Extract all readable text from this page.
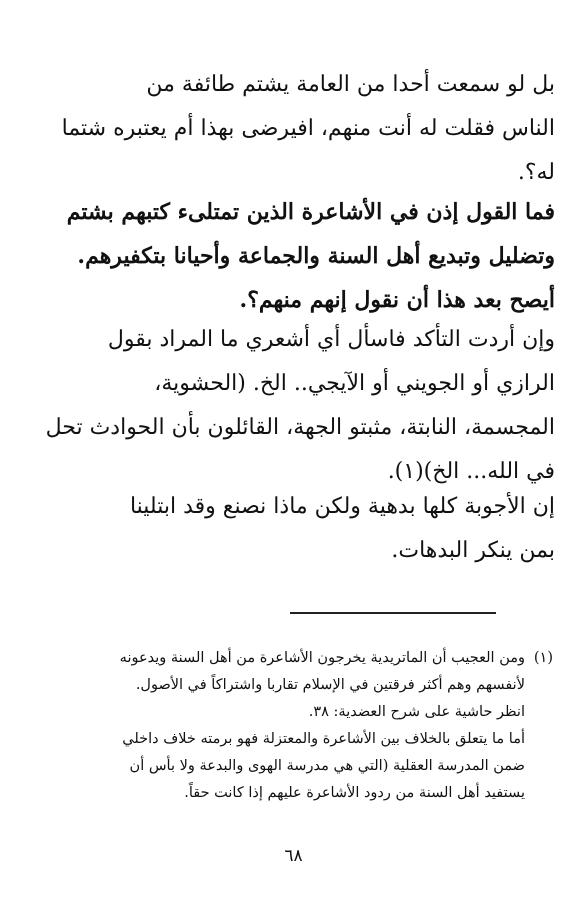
بل لو سمعت أحدا من العامة يشتم طائفة من
الناس فقلت له أنت منهم، افيرضى بهذا أم يعتبره شتما
له؟.

فما القول إذن في الأشاعرة الذين تمتلىء كتبهم بشتم
وتضليل وتبديع أهل السنة والجماعة وأحيانا بتكفيرهم.
أيصح بعد هذا أن نقول إنهم منهم؟.

وإن أردت التأكد فاسأل أي أشعري ما المراد بقول
الرازي أو الجويني أو الآيجي.. الخ. (الحشوية،
المجسمة، النابتة، مثبتو الجهة، القائلون بأن الحوادث تحل
في الله... الخ)(١).

إن الأجوبة كلها بدهية ولكن ماذا نصنع وقد ابتلينا
بمن ينكر البدهات.

(١)ومن العجيب أن الماتريدية يخرجون الأشاعرة من أهل السنة ويدعونه
لأنفسهم وهم أكثر فرقتين في الإسلام تقاربا واشتراكاً في الأصول.
انظر حاشية على شرح العضدية: ٣٨.
أما ما يتعلق بالخلاف بين الأشاعرة والمعتزلة فهو برمته خلاف داخلي
ضمن المدرسة العقلية (التي هي مدرسة الهوى والبدعة ولا بأس أن
يستفيد أهل السنة من ردود الأشاعرة عليهم إذا كانت حقاً.
٦٨
